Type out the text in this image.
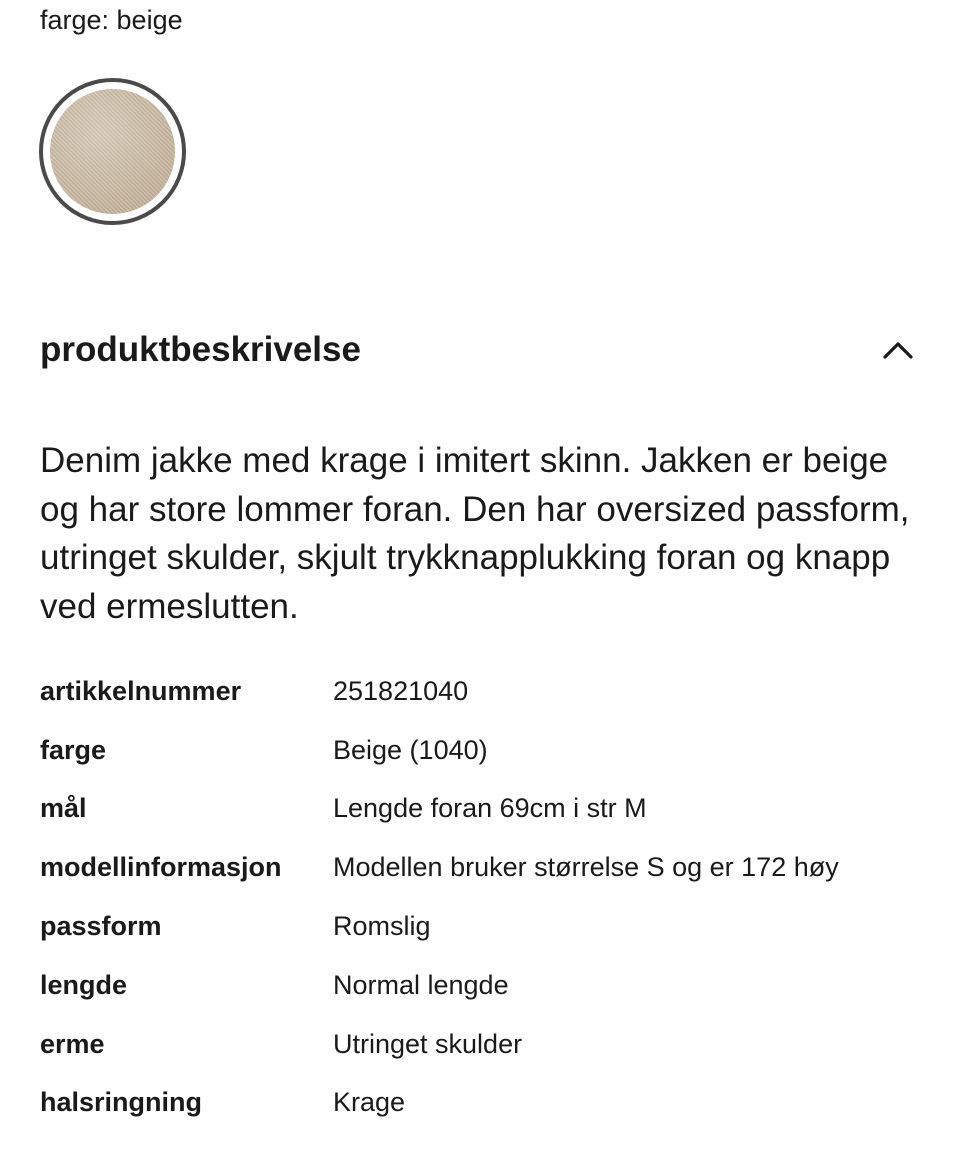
farge: beige
produktbeskrivelse
Denim jakke med krage i imitert skinn. Jakken er beige og har store lommer foran. Den har oversized passform, utringet skulder, skjult trykknapplukking foran og knapp ved ermeslutten.
artikkelnummer	251821040
farge	Beige (1040)
mål	Lengde foran 69cm i str M
modellinformasjon	Modellen bruker størrelse S og er 172 høy
passform	Romslig
lengde	Normal lengde
erme	Utringet skulder
halsringning	Krage
